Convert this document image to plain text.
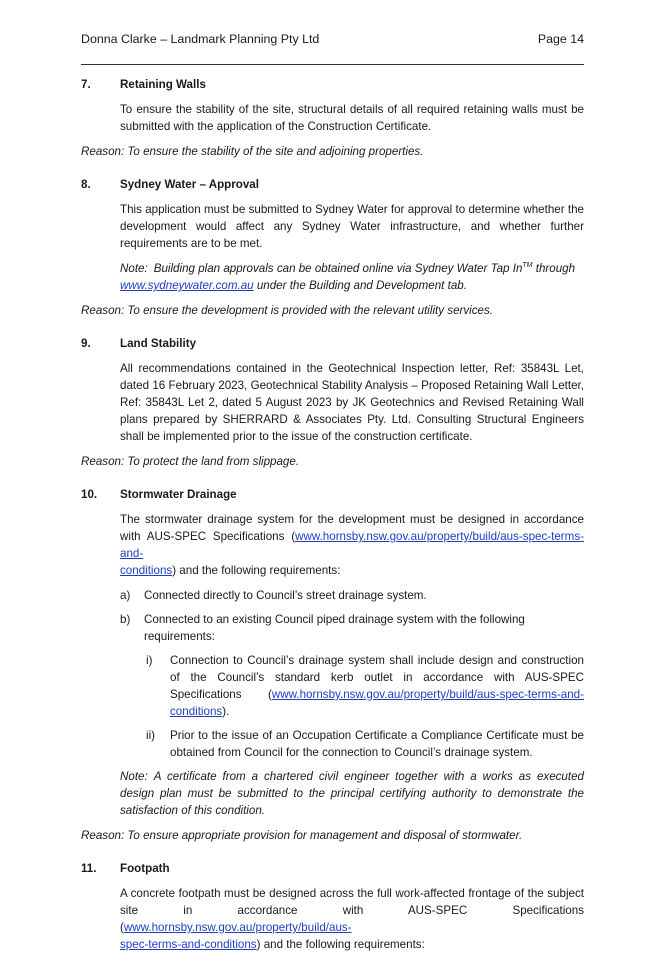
Donna Clarke – Landmark Planning Pty Ltd	Page 14
7.	Retaining Walls

To ensure the stability of the site, structural details of all required retaining walls must be submitted with the application of the Construction Certificate.

Reason: To ensure the stability of the site and adjoining properties.

8.	Sydney Water – Approval

This application must be submitted to Sydney Water for approval to determine whether the development would affect any Sydney Water infrastructure, and whether further requirements are to be met.

Note: Building plan approvals can be obtained online via Sydney Water Tap In™ through
www.sydneywater.com.au under the Building and Development tab.

Reason: To ensure the development is provided with the relevant utility services.

9.	Land Stability

All recommendations contained in the Geotechnical Inspection letter, Ref: 35843L Let, dated 16 February 2023, Geotechnical Stability Analysis – Proposed Retaining Wall Letter, Ref: 35843L Let 2, dated 5 August 2023 by JK Geotechnics and Revised Retaining Wall plans prepared by SHERRARD & Associates Pty. Ltd. Consulting Structural Engineers shall be implemented prior to the issue of the construction certificate.

Reason: To protect the land from slippage.

10.	Stormwater Drainage

The stormwater drainage system for the development must be designed in accordance with AUS-SPEC Specifications (www.hornsby.nsw.gov.au/property/build/aus-spec-terms-and-
conditions) and the following requirements:

a)	Connected directly to Council’s street drainage system.
b)	Connected to an existing Council piped drainage system with the following requirements:
i)	Connection to Council’s drainage system shall include design and construction of the Council’s standard kerb outlet in accordance with AUS-SPEC Specifications (www.hornsby.nsw.gov.au/property/build/aus-spec-terms-and-conditions).
ii)	Prior to the issue of an Occupation Certificate a Compliance Certificate must be obtained from Council for the connection to Council’s drainage system.

Note: A certificate from a chartered civil engineer together with a works as executed design plan must be submitted to the principal certifying authority to demonstrate the satisfaction of this condition.

Reason: To ensure appropriate provision for management and disposal of stormwater.

11.	Footpath

A concrete footpath must be designed across the full work-affected frontage of the subject site in accordance with AUS-SPEC Specifications (www.hornsby.nsw.gov.au/property/build/aus-
spec-terms-and-conditions) and the following requirements:
